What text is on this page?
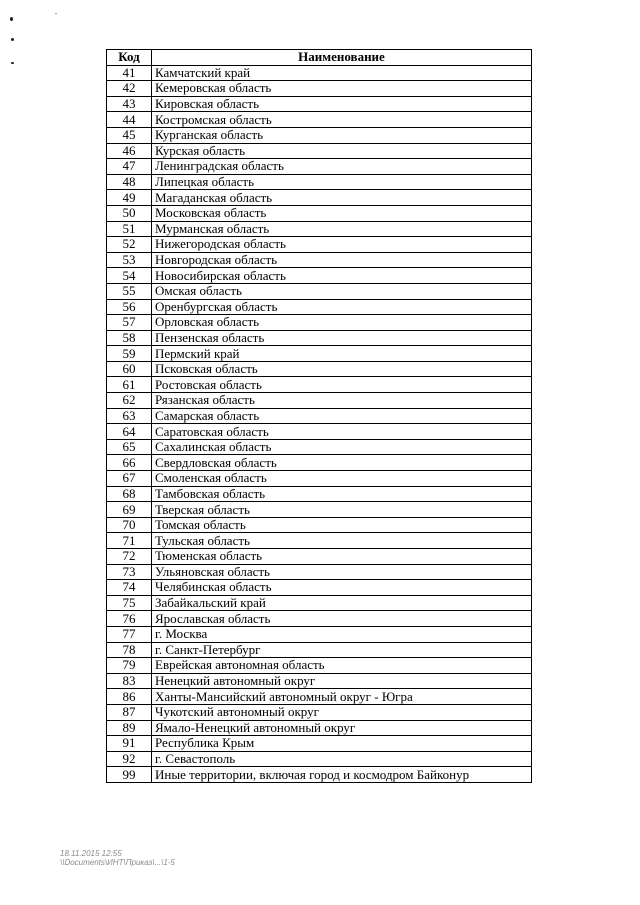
Код	Наименование
41	Камчатский край
42	Кемеровская область
43	Кировская область
44	Костромская область
45	Курганская область
46	Курская область
47	Ленинградская область
48	Липецкая область
49	Магаданская область
50	Московская область
51	Мурманская область
52	Нижегородская область
53	Новгородская область
54	Новосибирская область
55	Омская область
56	Оренбургская область
57	Орловская область
58	Пензенская область
59	Пермский край
60	Псковская область
61	Ростовская область
62	Рязанская область
63	Самарская область
64	Саратовская область
65	Сахалинская область
66	Свердловская область
67	Смоленская область
68	Тамбовская область
69	Тверская область
70	Томская область
71	Тульская область
72	Тюменская область
73	Ульяновская область
74	Челябинская область
75	Забайкальский край
76	Ярославская область
77	г. Москва
78	г. Санкт-Петербург
79	Еврейская автономная область
83	Ненецкий автономный округ
86	Ханты-Мансийский автономный округ - Югра
87	Чукотский автономный округ
89	Ямало-Ненецкий автономный округ
91	Республика Крым
92	г. Севастополь
99	Иные территории, включая город и космодром Байконур
18.11.2015 12:55
\\Documents\ИНТ\Приказ\...\1-5
